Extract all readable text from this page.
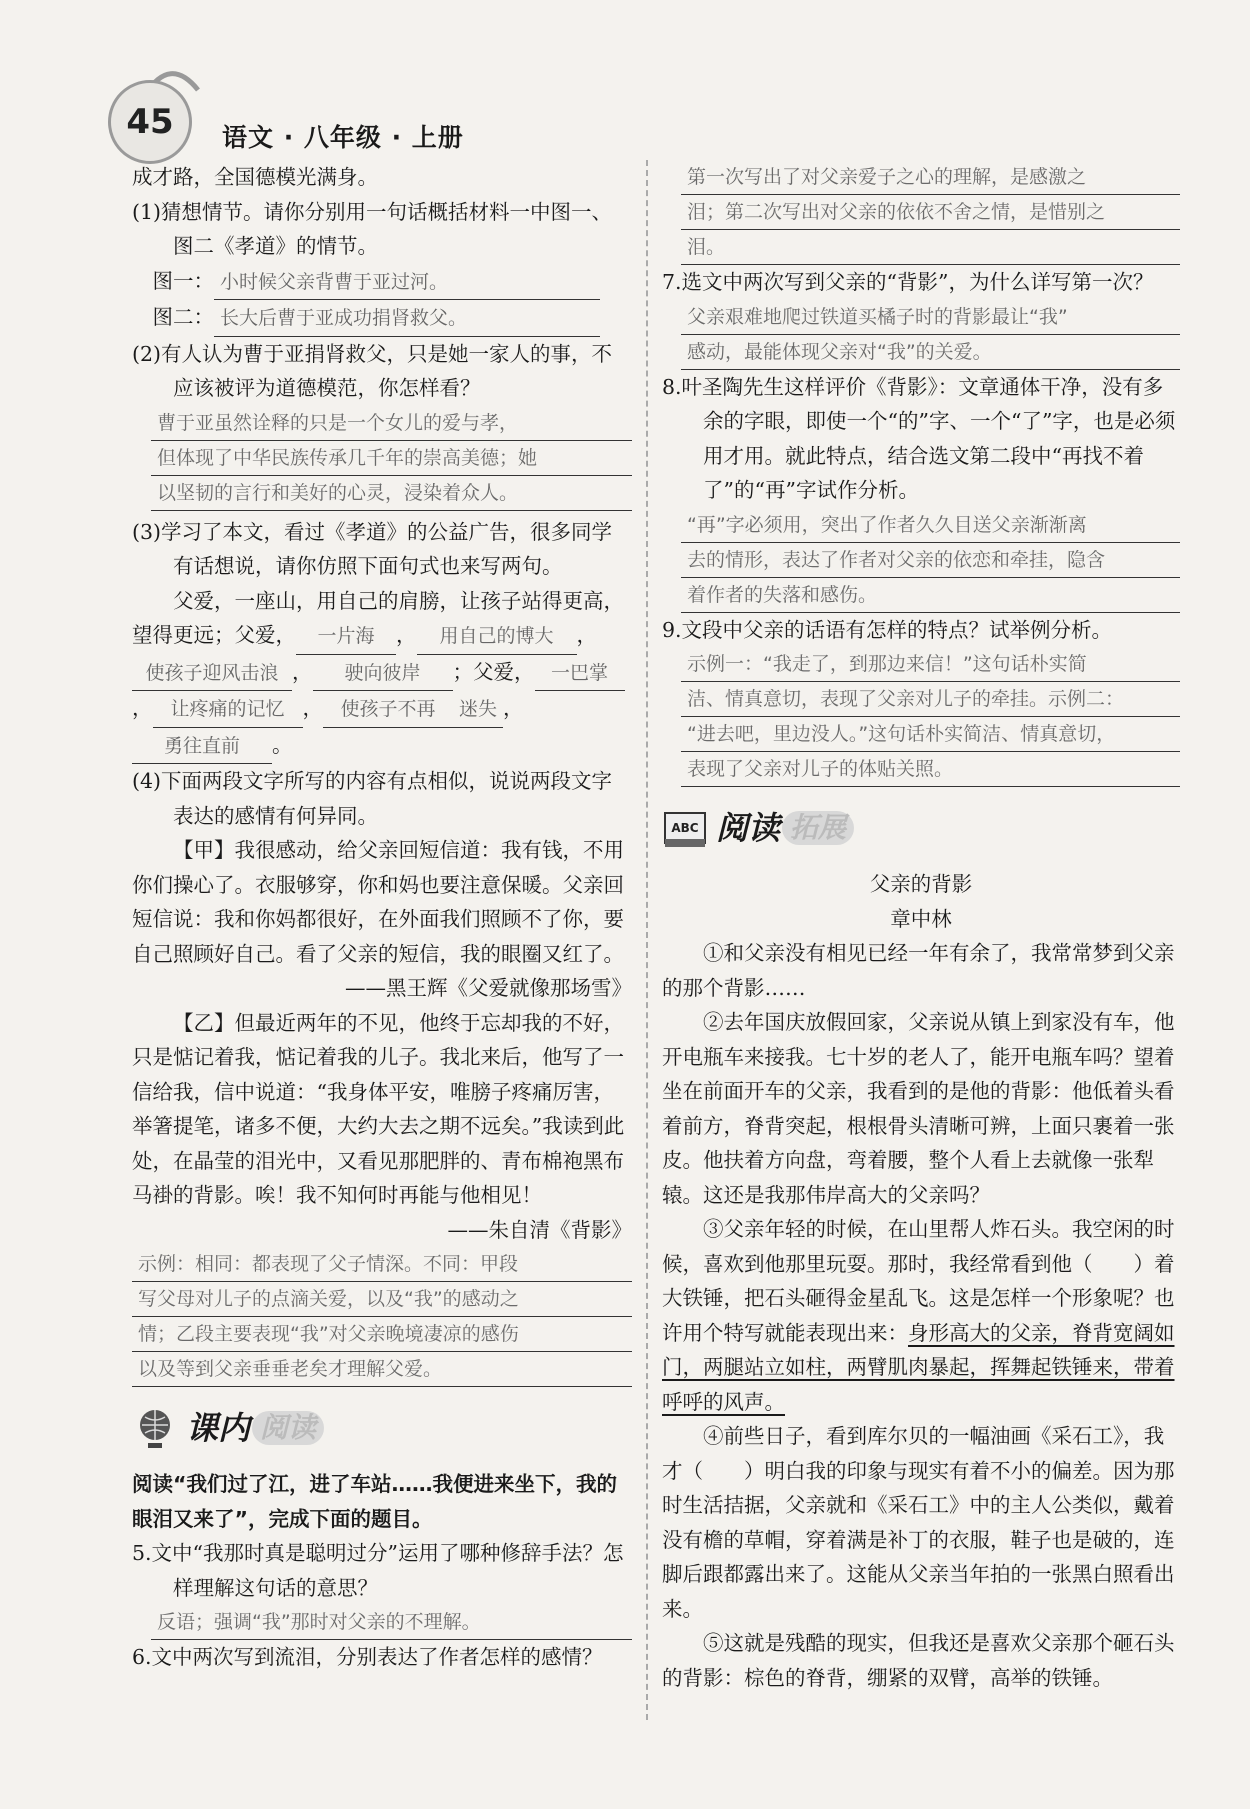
45 语文 · 八年级 · 上册

成才路，全国德模光满身。

(1)猜想情节。请你分别用一句话概括材料一中图一、图二《孝道》的情节。

图一： 小时候父亲背曹于亚过河。
图二： 长大后曹于亚成功捐肾救父。

(2)有人认为曹于亚捐肾救父，只是她一家人的事，不应该被评为道德模范，你怎样看？

曹于亚虽然诠释的只是一个女儿的爱与孝，
但体现了中华民族传承几千年的崇高美德；她
以坚韧的言行和美好的心灵，浸染着众人。

(3)学习了本文，看过《孝道》的公益广告，很多同学有话想说，请你仿照下面句式也来写两句。

父爱，一座山，用自己的肩膀，让孩子站得更高，望得更远；父爱， 一片海 ， 用自己的博大 ，使孩子迎风击浪 ， 驶向彼岸 ；父爱， 一巴掌， 让疼痛的记忆 ， 使孩子不再 迷失 ，勇往直前 。

(4)下面两段文字所写的内容有点相似，说说两段文字表达的感情有何异同。

【甲】我很感动，给父亲回短信道：我有钱，不用你们操心了。衣服够穿，你和妈也要注意保暖。父亲回短信说：我和你妈都很好，在外面我们照顾不了你，要自己照顾好自己。看了父亲的短信，我的眼圈又红了。

——黑王辉《父爱就像那场雪》

【乙】但最近两年的不见，他终于忘却我的不好，只是惦记着我，惦记着我的儿子。我北来后，他写了一信给我，信中说道：“我身体平安，唯膀子疼痛厉害，举箸提笔，诸多不便，大约大去之期不远矣。”我读到此处，在晶莹的泪光中，又看见那肥胖的、青布棉袍黑布马褂的背影。唉！我不知何时再能与他相见！

——朱自清《背影》

示例：相同：都表现了父子情深。不同：甲段
写父母对儿子的点滴关爱，以及“我”的感动之
情；乙段主要表现“我”对父亲晚境凄凉的感伤
以及等到父亲垂垂老矣才理解父爱。
课内 阅读

阅读“我们过了江，进了车站……我便进来坐下，我的眼泪又来了”，完成下面的题目。

5.文中“我那时真是聪明过分”运用了哪种修辞手法？怎样理解这句话的意思？

反语；强调“我”那时对父亲的不理解。

6.文中两次写到流泪，分别表达了作者怎样的感情？

第一次写出了对父亲爱子之心的理解，是感激之
泪；第二次写出对父亲的依依不舍之情，是惜别之
泪。

7.选文中两次写到父亲的“背影”，为什么详写第一次？

父亲艰难地爬过铁道买橘子时的背影最让“我”
感动，最能体现父亲对“我”的关爱。

8.叶圣陶先生这样评价《背影》：文章通体干净，没有多余的字眼，即使一个“的”字、一个“了”字，也是必须用才用。就此特点，结合选文第二段中“再找不着了”的“再”字试作分析。

“再”字必须用，突出了作者久久目送父亲渐渐离
去的情形，表达了作者对父亲的依恋和牵挂，隐含
着作者的失落和感伤。

9.文段中父亲的话语有怎样的特点？试举例分析。

示例一：“我走了，到那边来信！”这句话朴实简
洁、情真意切，表现了父亲对儿子的牵挂。示例二：
“进去吧，里边没人。”这句话朴实简洁、情真意切，
表现了父亲对儿子的体贴关照。
ABC 阅读 拓展

父亲的背影

章中林

①和父亲没有相见已经一年有余了，我常常梦到父亲的那个背影……

②去年国庆放假回家，父亲说从镇上到家没有车，他开电瓶车来接我。七十岁的老人了，能开电瓶车吗？望着坐在前面开车的父亲，我看到的是他的背影：他低着头看着前方，脊背突起，根根骨头清晰可辨，上面只裹着一张皮。他扶着方向盘，弯着腰，整个人看上去就像一张犁辕。这还是我那伟岸高大的父亲吗？

③父亲年轻的时候，在山里帮人炸石头。我空闲的时候，喜欢到他那里玩耍。那时，我经常看到他（　　）着大铁锤，把石头砸得金星乱飞。这是怎样一个形象呢？也许用个特写就能表现出来：身形高大的父亲，脊背宽阔如门，两腿站立如柱，两臂肌肉暴起，挥舞起铁锤来，带着呼呼的风声。

④前些日子，看到库尔贝的一幅油画《采石工》，我才（　　）明白我的印象与现实有着不小的偏差。因为那时生活拮据，父亲就和《采石工》中的主人公类似，戴着没有檐的草帽，穿着满是补丁的衣服，鞋子也是破的，连脚后跟都露出来了。这能从父亲当年拍的一张黑白照看出来。

⑤这就是残酷的现实，但我还是喜欢父亲那个砸石头的背影：棕色的脊背，绷紧的双臂，高举的铁锤。
